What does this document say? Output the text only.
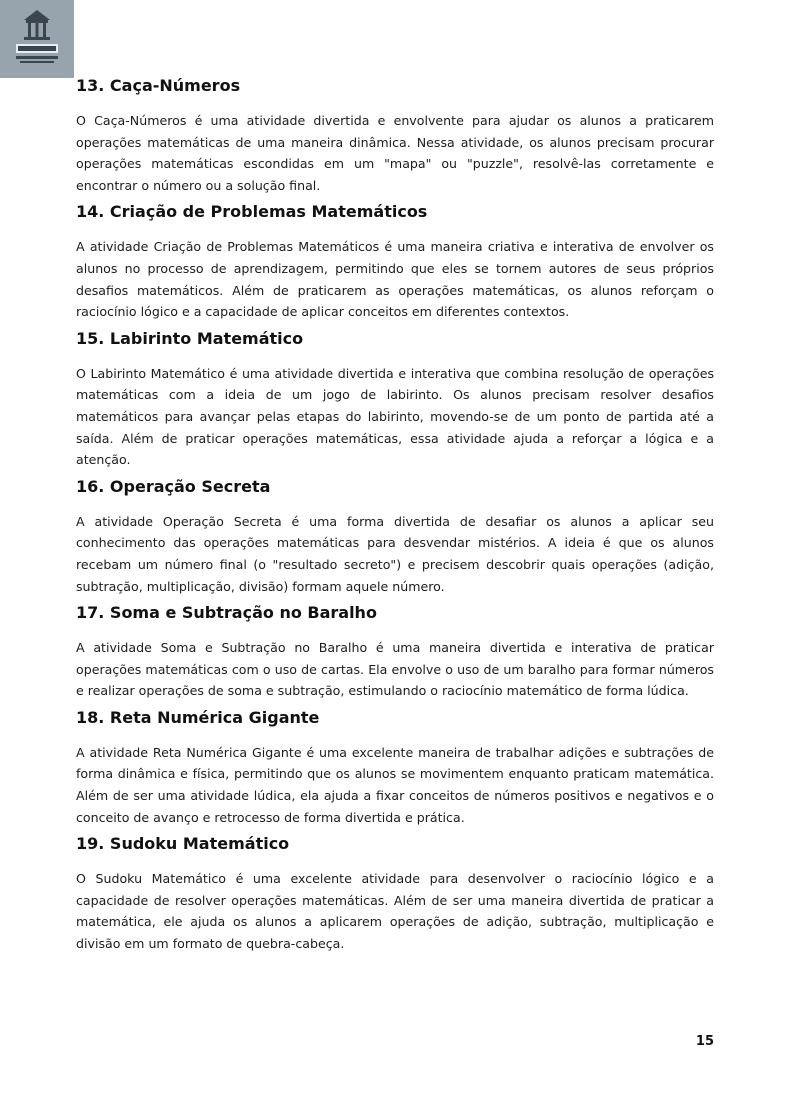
13. Caça-Números

O Caça-Números é uma atividade divertida e envolvente para ajudar os alunos a praticarem operações matemáticas de uma maneira dinâmica. Nessa atividade, os alunos precisam procurar operações matemáticas escondidas em um "mapa" ou "puzzle", resolvê-las corretamente e encontrar o número ou a solução final.

14. Criação de Problemas Matemáticos

A atividade Criação de Problemas Matemáticos é uma maneira criativa e interativa de envolver os alunos no processo de aprendizagem, permitindo que eles se tornem autores de seus próprios desafios matemáticos. Além de praticarem as operações matemáticas, os alunos reforçam o raciocínio lógico e a capacidade de aplicar conceitos em diferentes contextos.

15. Labirinto Matemático

O Labirinto Matemático é uma atividade divertida e interativa que combina resolução de operações matemáticas com a ideia de um jogo de labirinto. Os alunos precisam resolver desafios matemáticos para avançar pelas etapas do labirinto, movendo-se de um ponto de partida até a saída. Além de praticar operações matemáticas, essa atividade ajuda a reforçar a lógica e a atenção.

16. Operação Secreta

A atividade Operação Secreta é uma forma divertida de desafiar os alunos a aplicar seu conhecimento das operações matemáticas para desvendar mistérios. A ideia é que os alunos recebam um número final (o "resultado secreto") e precisem descobrir quais operações (adição, subtração, multiplicação, divisão) formam aquele número.

17. Soma e Subtração no Baralho

A atividade Soma e Subtração no Baralho é uma maneira divertida e interativa de praticar operações matemáticas com o uso de cartas. Ela envolve o uso de um baralho para formar números e realizar operações de soma e subtração, estimulando o raciocínio matemático de forma lúdica.

18. Reta Numérica Gigante

A atividade Reta Numérica Gigante é uma excelente maneira de trabalhar adições e subtrações de forma dinâmica e física, permitindo que os alunos se movimentem enquanto praticam matemática. Além de ser uma atividade lúdica, ela ajuda a fixar conceitos de números positivos e negativos e o conceito de avanço e retrocesso de forma divertida e prática.

19. Sudoku Matemático

O Sudoku Matemático é uma excelente atividade para desenvolver o raciocínio lógico e a capacidade de resolver operações matemáticas. Além de ser uma maneira divertida de praticar a matemática, ele ajuda os alunos a aplicarem operações de adição, subtração, multiplicação e divisão em um formato de quebra-cabeça.

15
